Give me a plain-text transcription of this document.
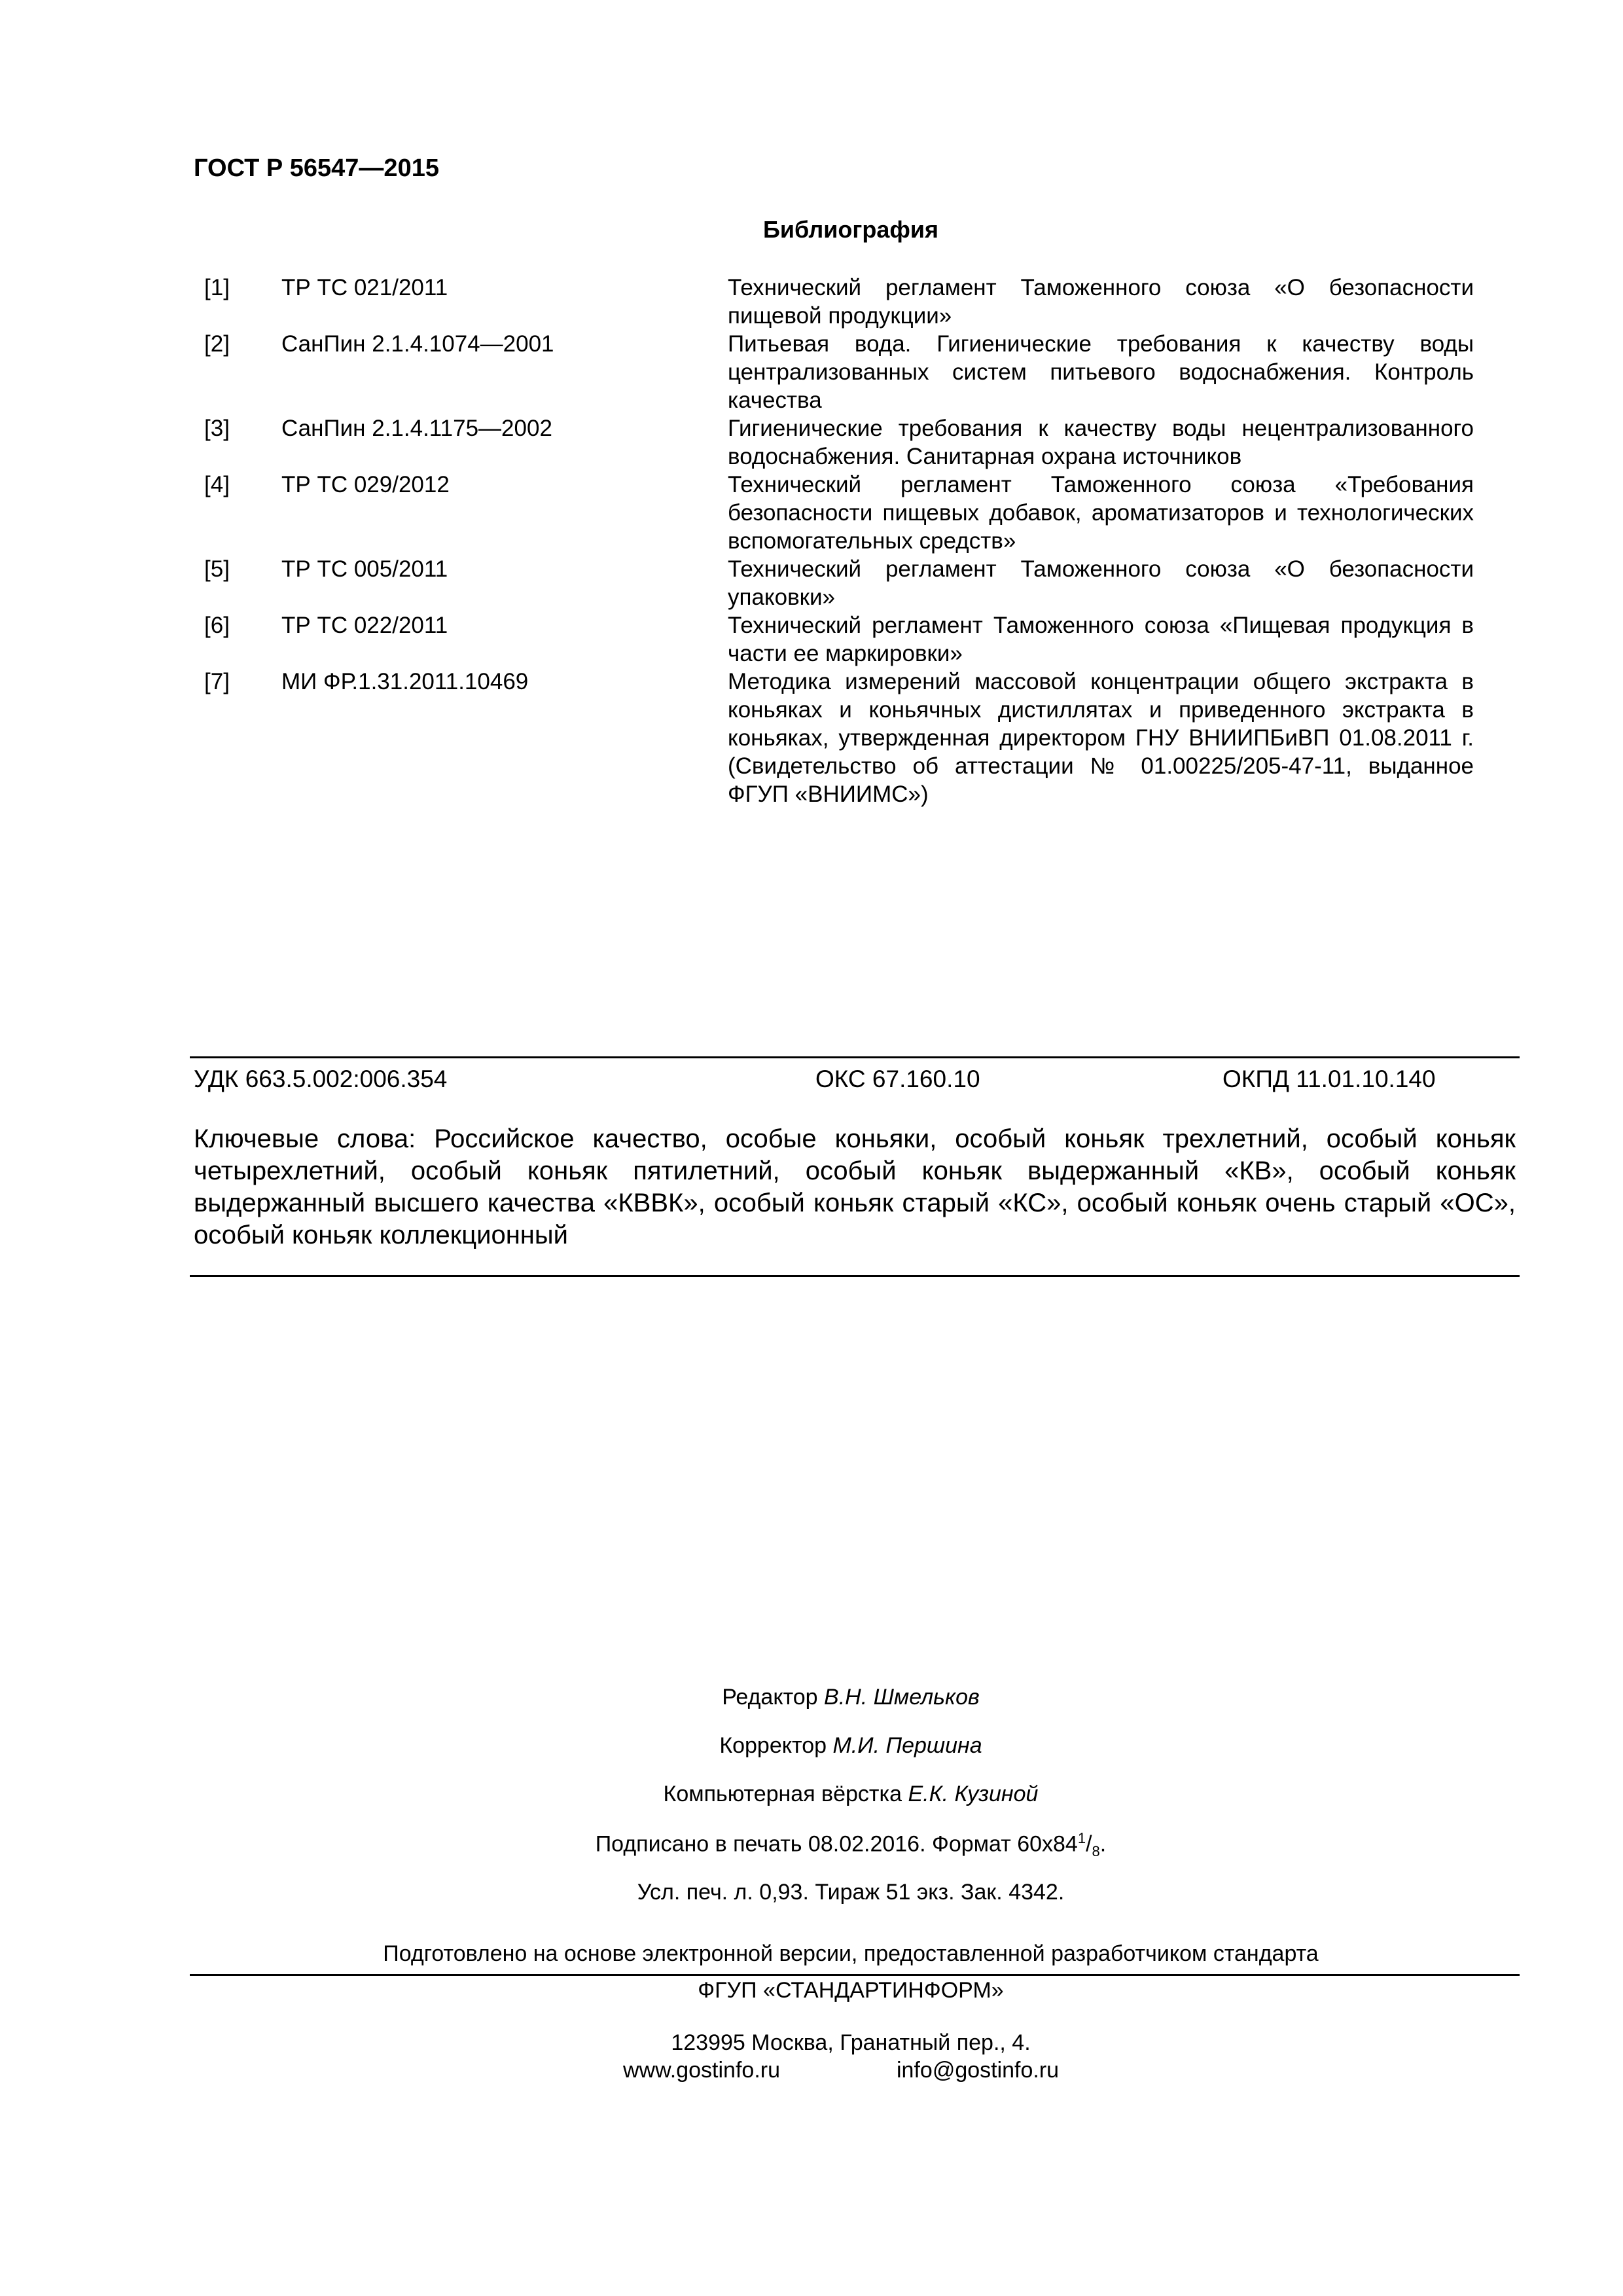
ГОСТ Р 56547—2015
Библиография
[1] ТР ТС 021/2011	Технический регламент Таможенного союза «О безопасности пищевой продукции»
[2] СанПин 2.1.4.1074—2001	Питьевая вода. Гигиенические требования к качеству воды централизованных систем питьевого водоснабжения. Контроль качества
[3] СанПин 2.1.4.1175—2002	Гигиенические требования к качеству воды нецентрализованного водоснабжения. Санитарная охрана источников
[4] ТР ТС 029/2012	Технический регламент Таможенного союза «Требования безопасности пищевых добавок, ароматизаторов и технологических вспомогательных средств»
[5] ТР ТС 005/2011	Технический регламент Таможенного союза «О безопасности упаковки»
[6] ТР ТС 022/2011	Технический регламент Таможенного союза «Пищевая продукция в части ее маркировки»
[7] МИ ФР.1.31.2011.10469	Методика измерений массовой концентрации общего экстракта в коньяках и коньячных дистиллятах и приведенного экстракта в коньяках, утвержденная директором ГНУ ВНИИПБиВП 01.08.2011 г. (Свидетельство об аттестации № 01.00225/205-47-11, выданное ФГУП «ВНИИМС»)
УДК 663.5.002:006.354	ОКС 67.160.10	ОКПД 11.01.10.140
Ключевые слова: Российское качество, особые коньяки, особый коньяк трехлетний, особый коньяк четырехлетний, особый коньяк пятилетний, особый коньяк выдержанный «КВ», особый коньяк выдержанный высшего качества «КВВК», особый коньяк старый «КС», особый коньяк очень старый «ОС», особый коньяк коллекционный
Редактор В.Н. Шмельков
Корректор М.И. Першина
Компьютерная вёрстка Е.К. Кузиной
Подписано в печать 08.02.2016. Формат $60x84^1/_8$.
Усл. печ. л. 0,93. Тираж 51 экз. Зак. 4342.
Подготовлено на основе электронной версии, предоставленной разработчиком стандарта
ФГУП «СТАНДАРТИНФОРМ»
123995 Москва, Гранатный пер., 4.
www.gostinfo.ru	info@gostinfo.ru
